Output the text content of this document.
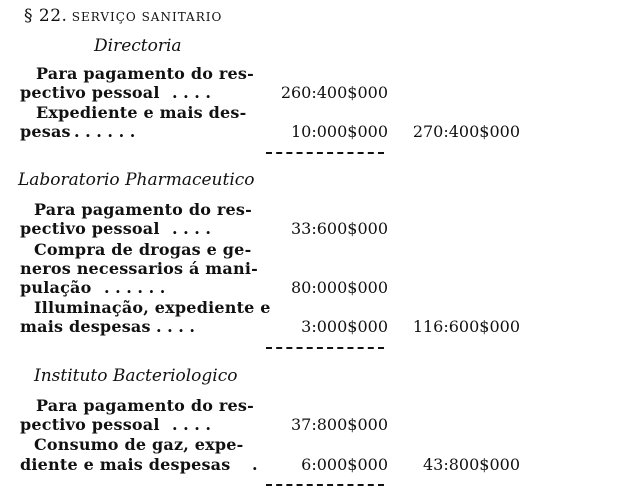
§ 22. SERVIÇO SANITARIO
Directoria
Para pagamento do res-
pectivo pessoal . . . .	260:400$000
Expediente e mais des-
pesas . . . . . .	10:000$000	270:400$000
Laboratorio Pharmaceutico
Para pagamento do res-
pectivo pessoal . . . .	33:600$000
Compra de drogas e ge-
neros necessarios á mani-
pulação . . . . . .	80:000$000
Illuminação, expediente e
mais despesas . . . .	3:000$000	116:600$000
Instituto Bacteriologico
Para pagamento do res-
pectivo pessoal . . . .	37:800$000
Consumo de gaz, expe-
diente e mais despesas .	6:000$000	43:800$000
